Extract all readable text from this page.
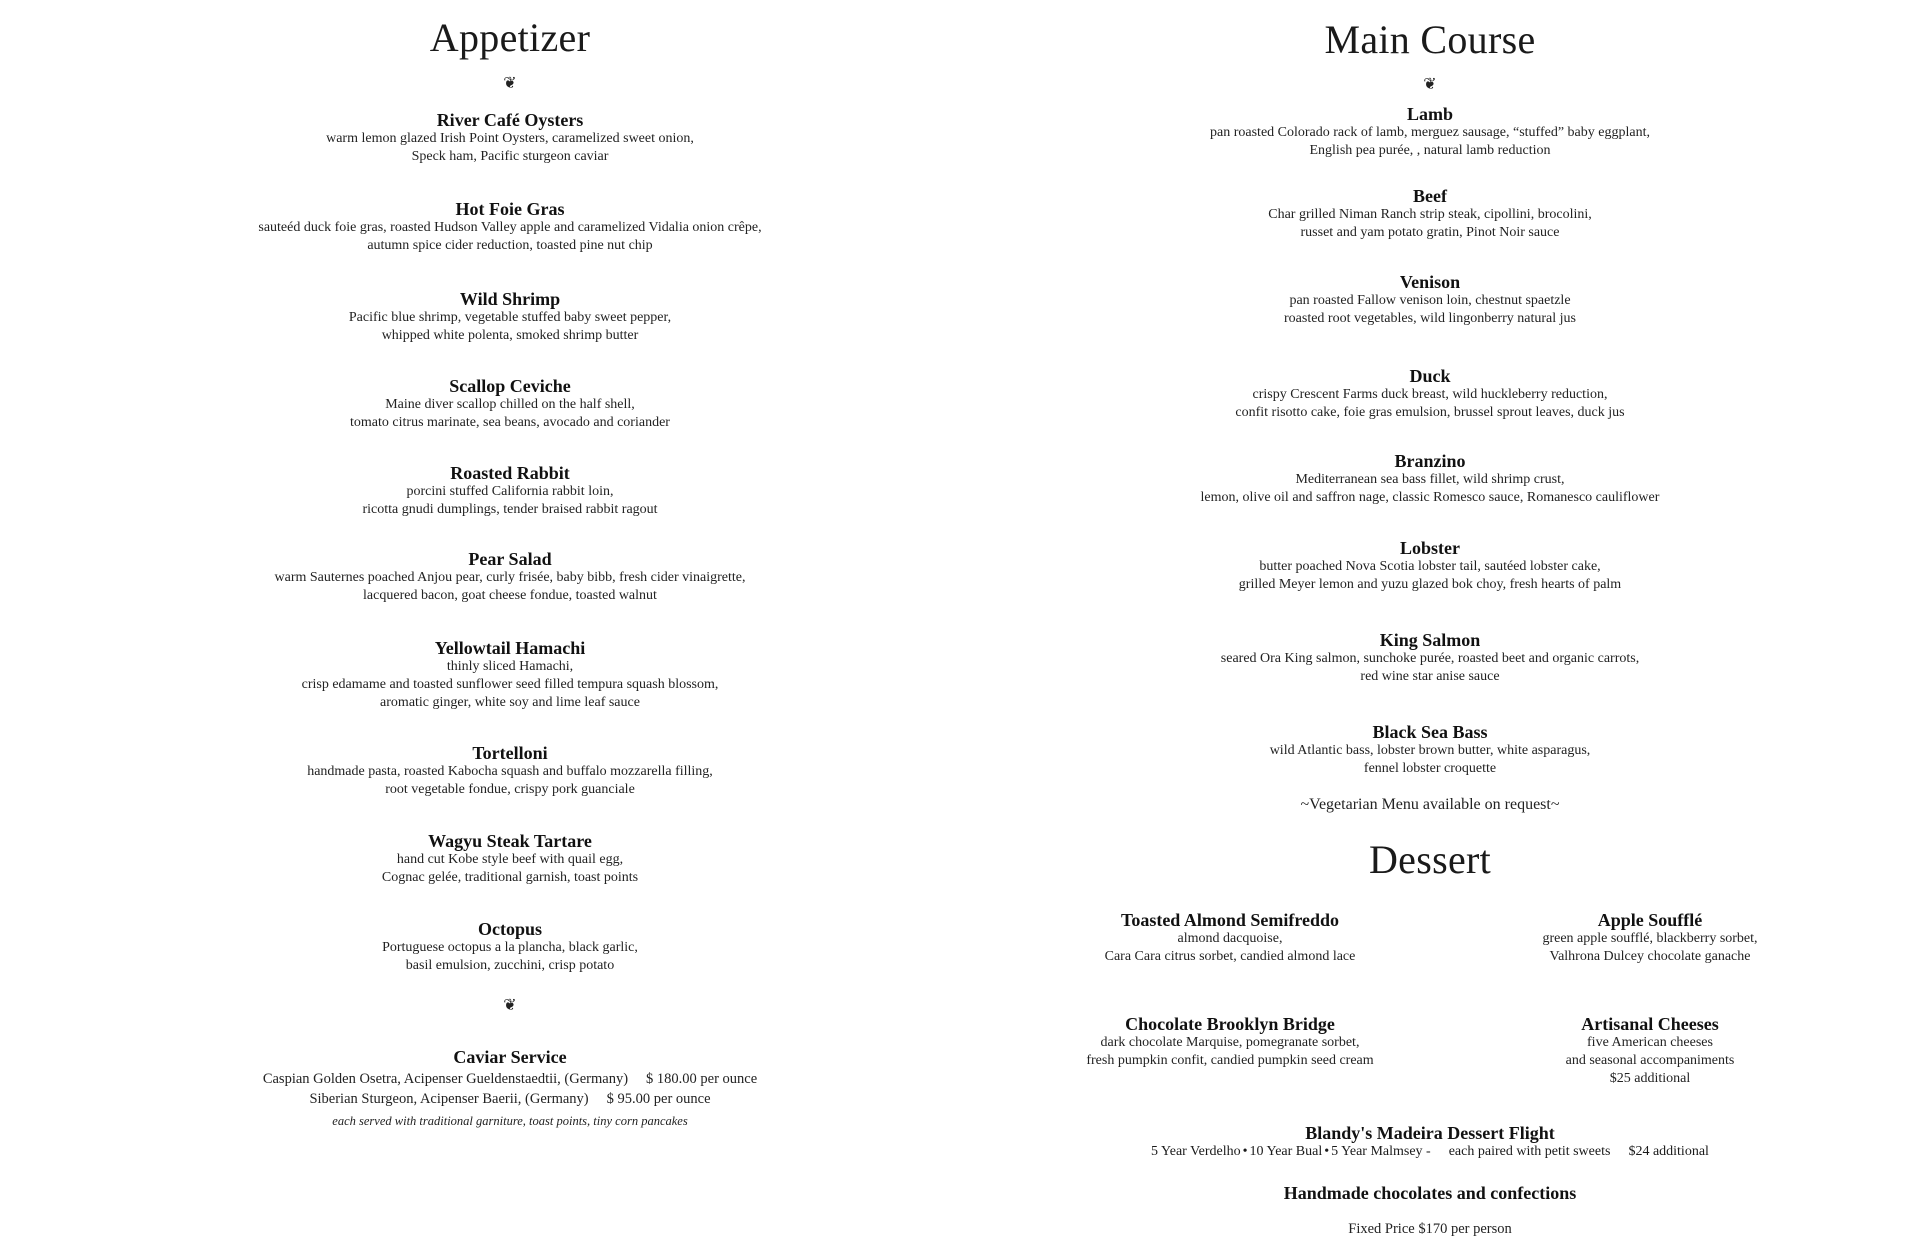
Appetizer
❦
River Café Oysters
warm lemon glazed Irish Point Oysters, caramelized sweet onion,
Speck ham, Pacific sturgeon caviar
Hot Foie Gras
sauteéd duck foie gras, roasted Hudson Valley apple and caramelized Vidalia onion crêpe,
autumn spice cider reduction, toasted pine nut chip
Wild Shrimp
Pacific blue shrimp, vegetable stuffed baby sweet pepper,
whipped white polenta, smoked shrimp butter
Scallop Ceviche
Maine diver scallop chilled on the half shell,
tomato citrus marinate, sea beans, avocado and coriander
Roasted Rabbit
porcini stuffed California rabbit loin,
ricotta gnudi dumplings, tender braised rabbit ragout
Pear Salad
warm Sauternes poached Anjou pear, curly frisée, baby bibb, fresh cider vinaigrette,
lacquered bacon, goat cheese fondue, toasted walnut
Yellowtail Hamachi
thinly sliced Hamachi,
crisp edamame and toasted sunflower seed filled tempura squash blossom,
aromatic ginger, white soy and lime leaf sauce
Tortelloni
handmade pasta, roasted Kabocha squash and buffalo mozzarella filling,
root vegetable fondue, crispy pork guanciale
Wagyu Steak Tartare
hand cut Kobe style beef with quail egg,
Cognac gelée, traditional garnish, toast points
Octopus
Portuguese octopus a la plancha, black garlic,
basil emulsion, zucchini, crisp potato
❦
Caviar Service
Caspian Golden Osetra, Acipenser Gueldenstaedtii, (Germany) $ 180.00 per ounce
Siberian Sturgeon, Acipenser Baerii, (Germany) $ 95.00 per ounce
each served with traditional garniture, toast points, tiny corn pancakes
Main Course
❦
Lamb
pan roasted Colorado rack of lamb, merguez sausage, “stuffed” baby eggplant,
English pea purée, , natural lamb reduction
Beef
Char grilled Niman Ranch strip steak, cipollini, brocolini,
russet and yam potato gratin, Pinot Noir sauce
Venison
pan roasted Fallow venison loin, chestnut spaetzle
roasted root vegetables, wild lingonberry natural jus
Duck
crispy Crescent Farms duck breast, wild huckleberry reduction,
confit risotto cake, foie gras emulsion, brussel sprout leaves, duck jus
Branzino
Mediterranean sea bass fillet, wild shrimp crust,
lemon, olive oil and saffron nage, classic Romesco sauce, Romanesco cauliflower
Lobster
butter poached Nova Scotia lobster tail, sautéed lobster cake,
grilled Meyer lemon and yuzu glazed bok choy, fresh hearts of palm
King Salmon
seared Ora King salmon, sunchoke purée, roasted beet and organic carrots,
red wine star anise sauce
Black Sea Bass
wild Atlantic bass, lobster brown butter, white asparagus,
fennel lobster croquette
~Vegetarian Menu available on request~
Dessert
Toasted Almond Semifreddo
almond dacquoise,
Cara Cara citrus sorbet, candied almond lace
Apple Soufflé
green apple soufflé, blackberry sorbet,
Valhrona Dulcey chocolate ganache
Chocolate Brooklyn Bridge
dark chocolate Marquise, pomegranate sorbet,
fresh pumpkin confit, candied pumpkin seed cream
Artisanal Cheeses
five American cheeses
and seasonal accompaniments
$25 additional
Blandy's Madeira Dessert Flight
5 Year Verdelho • 10 Year Bual • 5 Year Malmsey - each paired with petit sweets $24 additional
Handmade chocolates and confections
Fixed Price $170 per person
